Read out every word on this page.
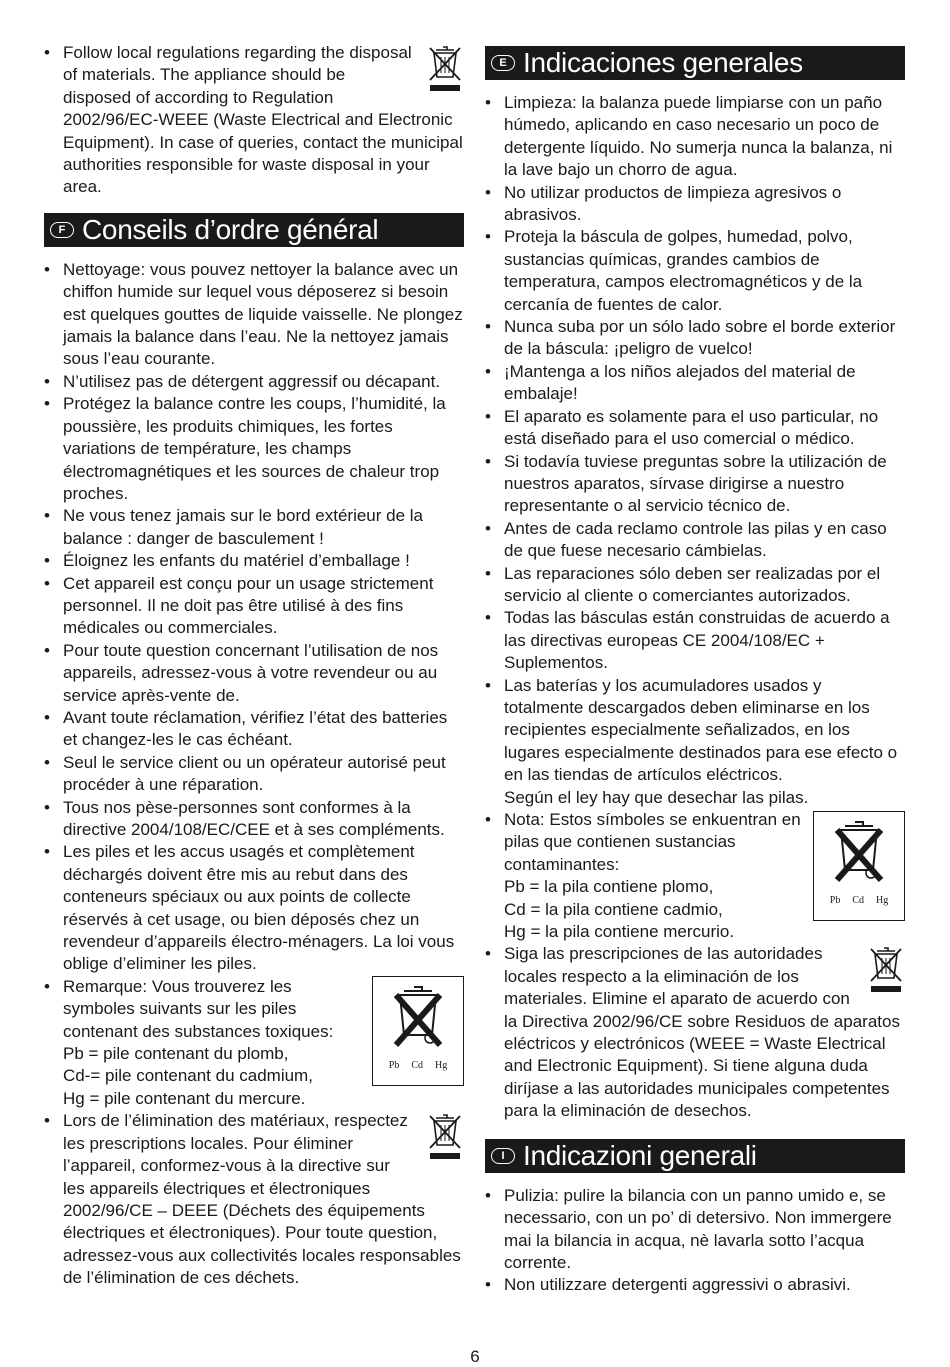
• Follow local regulations regarding the disposal of materials. The appliance should be disposed of according to Regulation 2002/96/EC-WEEE (Waste Electrical and Electronic Equipment). In case of queries, contact the municipal authorities responsible for waste disposal in your area.
F Conseils d’ordre général
• Nettoyage: vous pouvez nettoyer la balance avec un chiffon humide sur lequel vous déposerez si besoin est quelques gouttes de liquide vaisselle. Ne plongez jamais la balance dans l’eau. Ne la nettoyez jamais sous l’eau courante.
• N’utilisez pas de détergent aggressif ou décapant.
• Protégez la balance contre les coups, l’humidité, la poussière, les produits chimiques, les fortes variations de température, les champs électromagnétiques et les sources de chaleur trop proches.
• Ne vous tenez jamais sur le bord extérieur de la balance : danger de basculement !
• Éloignez les enfants du matériel d’emballage !
• Cet appareil est conçu pour un usage strictement personnel. Il ne doit pas être utilisé à des fins médicales ou commerciales.
• Pour toute question concernant l’utilisation de nos appareils, adressez-vous à votre revendeur ou au service après-vente de.
• Avant toute réclamation, vérifiez l’état des batteries et changez-les le cas échéant.
• Seul le service client ou un opérateur autorisé peut procéder à une réparation.
• Tous nos pèse-personnes sont conformes à la directive 2004/108/EC/CEE et à ses compléments.
• Les piles et les accus usagés et complètement déchargés doivent être mis au rebut dans des conteneurs spéciaux ou aux points de collecte réservés à cet usage, ou bien déposés chez un revendeur d’appareils électro-ménagers. La loi vous oblige d’eliminer les piles.
• Pb Cd Hg
Remarque: Vous trouverez les symboles suivants sur les piles contenant des substances toxiques:
Pb = pile contenant du plomb,
Cd-= pile contenant du cadmium,
Hg = pile contenant du mercure.
• Lors de l’élimination des matériaux, respectez les prescriptions locales. Pour éliminer l’appareil, conformez-vous à la directive sur les appareils électriques et électroniques 2002/96/CE – DEEE (Déchets des équipements électriques et électroniques). Pour toute question, adressez-vous aux collectivités locales responsables de l’élimination de ces déchets.
E Indicaciones generales
• Limpieza: la balanza puede limpiarse con un paño húmedo, aplicando en caso necesario un poco de detergente líquido. No sumerja nunca la balanza, ni la lave bajo un chorro de agua.
• No utilizar productos de limpieza agresivos o abrasivos.
• Proteja la báscula de golpes, humedad, polvo, sustancias químicas, grandes cambios de temperatura, campos electromagnéticos y de la cercanía de fuentes de calor.
• Nunca suba por un sólo lado sobre el borde exterior de la báscula: ¡peligro de vuelco!
• ¡Mantenga a los niños alejados del material de embalaje!
• El aparato es solamente para el uso particular, no está diseñado para el uso comercial o médico.
• Si todavía tuviese preguntas sobre la utilización de nuestros aparatos, sírvase dirigirse a nuestro representante o al servicio técnico de.
• Antes de cada reclamo controle las pilas y en caso de que fuese necesario cámbielas.
• Las reparaciones sólo deben ser realizadas por el servicio al cliente o comerciantes autorizados.
• Todas las básculas están construidas de acuerdo a las directivas europeas CE 2004/108/EC + Suplementos.
• Las baterías y los acumuladores usados y totalmente descargados deben eliminarse en los recipientes especialmente señalizados, en los lugares especialmente destinados para ese efecto o en las tiendas de artículos eléctricos.
Según el ley hay que desechar las pilas.
• Pb Cd Hg
Nota: Estos símboles se enkuentran en pilas que contienen sustancias contaminantes:
Pb = la pila contiene plomo,
Cd = la pila contiene cadmio,
Hg = la pila contiene mercurio.
• Siga las prescripciones de las autoridades locales respecto a la eliminación de los materiales. Elimine el aparato de acuerdo con la Directiva 2002/96/CE sobre Residuos de aparatos eléctricos y electrónicos (WEEE = Waste Electrical and Electronic Equipment). Si tiene alguna duda diríjase a las autoridades municipales competentes para la eliminación de desechos.
I Indicazioni generali
• Pulizia: pulire la bilancia con un panno umido e, se necessario, con un po’ di detersivo. Non immergere mai la bilancia in acqua, nè lavarla sotto l’acqua corrente.
• Non utilizzare detergenti aggressivi o abrasivi.
6
